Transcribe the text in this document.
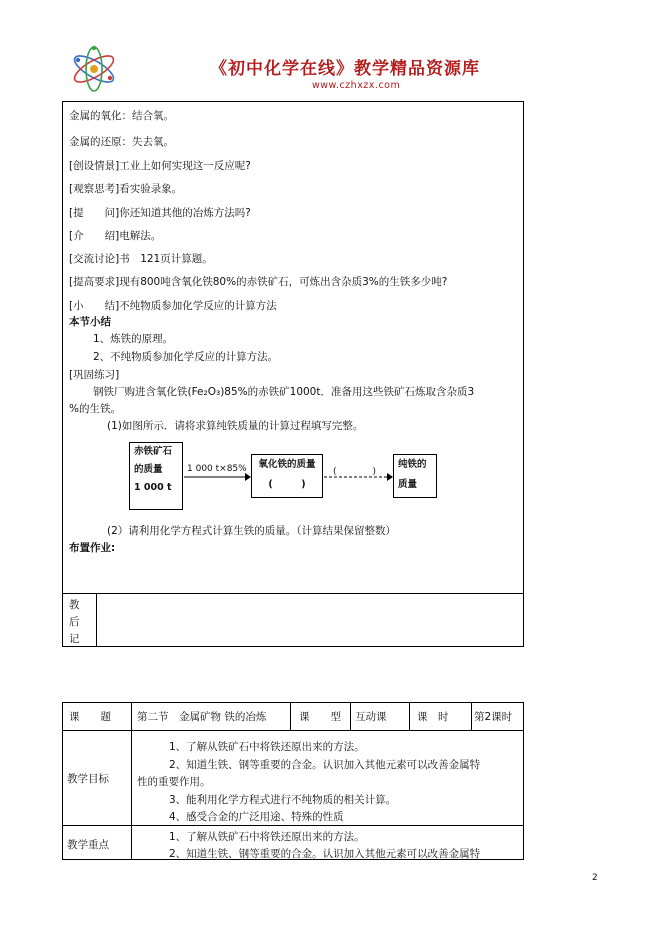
《初中化学在线》教学精品资源库
www.czhxzx.com
金属的氧化：结合氧。
金属的还原：失去氧。
[创设情景]工业上如何实现这一反应呢?
[观察思考]看实验录象。
[提　　问]你还知道其他的冶炼方法吗?
[介　　绍]电解法。
[交流讨论]书　121页计算题。
[提高要求]现有800吨含氧化铁80%的赤铁矿石，可炼出含杂质3%的生铁多少吨?
[小　　结]不纯物质参加化学反应的计算方法
本节小结
1、炼铁的原理。
2、不纯物质参加化学反应的计算方法。
[巩固练习]
钢铁厂购进含氧化铁(Fe₂O₃)85%的赤铁矿1000t．准备用这些铁矿石炼取含杂质3
%的生铁。
(1)如图所示．请将求算纯铁质量的计算过程填写完整。
赤铁矿石
的质量
1 000 t
1 000 t×85%	氧化铁的质量
(　　　)
(　　　　)
纯铁的
质量
(2）请利用化学方程式计算生铁的质量。（计算结果保留整数）
布置作业:
教
后
记
课　　题 第二节　金属矿物 铁的冶炼	课　　型 互动课	课　时 第2课时
教学目标
1、了解从铁矿石中将铁还原出来的方法。
2、知道生铁、钢等重要的合金。认识加入其他元素可以改善金属特
性的重要作用。
3、能利用化学方程式进行不纯物质的相关计算。
4、感受合金的广泛用途、特殊的性质
教学重点
1、了解从铁矿石中将铁还原出来的方法。
2、知道生铁、钢等重要的合金。认识加入其他元素可以改善金属特
2
